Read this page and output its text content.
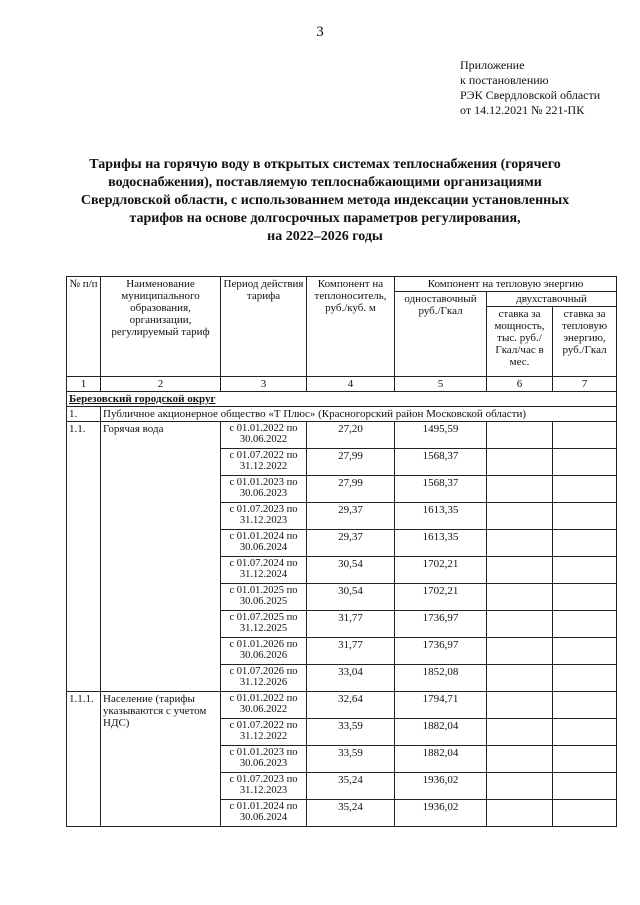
3
Приложение
к постановлению
РЭК Свердловской области
от 14.12.2021 № 221-ПК
Тарифы на горячую воду в открытых системах теплоснабжения (горячего
водоснабжения), поставляемую теплоснабжающими организациями
Свердловской области, с использованием метода индексации установленных
тарифов на основе долгосрочных параметров регулирования,
на 2022–2026 годы
№ п/п	Наименование муниципального образования, организации, регулируемый тариф	Период действия тарифа	Компонент на теплоноситель, руб./куб. м	Компонент на тепловую энергию		
				одноставочный руб./Гкал	двухставочный	
					ставка за мощность, тыс. руб./Гкал/час в мес.	ставка за тепловую энергию, руб./Гкал
1	2	3	4	5	6	7
Березовский городской округ						
1.	Публичное акционерное общество «Т Плюс» (Красногорский район Московской области)					
1.1.	Горячая вода	с 01.01.2022 по 30.06.2022	27,20	1495,59		
		с 01.07.2022 по 31.12.2022	27,99	1568,37		
		с 01.01.2023 по 30.06.2023	27,99	1568,37		
		с 01.07.2023 по 31.12.2023	29,37	1613,35		
		с 01.01.2024 по 30.06.2024	29,37	1613,35		
		с 01.07.2024 по 31.12.2024	30,54	1702,21		
		с 01.01.2025 по 30.06.2025	30,54	1702,21		
		с 01.07.2025 по 31.12.2025	31,77	1736,97		
		с 01.01.2026 по 30.06.2026	31,77	1736,97		
		с 01.07.2026 по 31.12.2026	33,04	1852,08		
1.1.1.	Население (тарифы указываются с учетом НДС)	с 01.01.2022 по 30.06.2022	32,64	1794,71		
		с 01.07.2022 по 31.12.2022	33,59	1882,04		
		с 01.01.2023 по 30.06.2023	33,59	1882,04		
		с 01.07.2023 по 31.12.2023	35,24	1936,02		
		с 01.01.2024 по 30.06.2024	35,24	1936,02		
